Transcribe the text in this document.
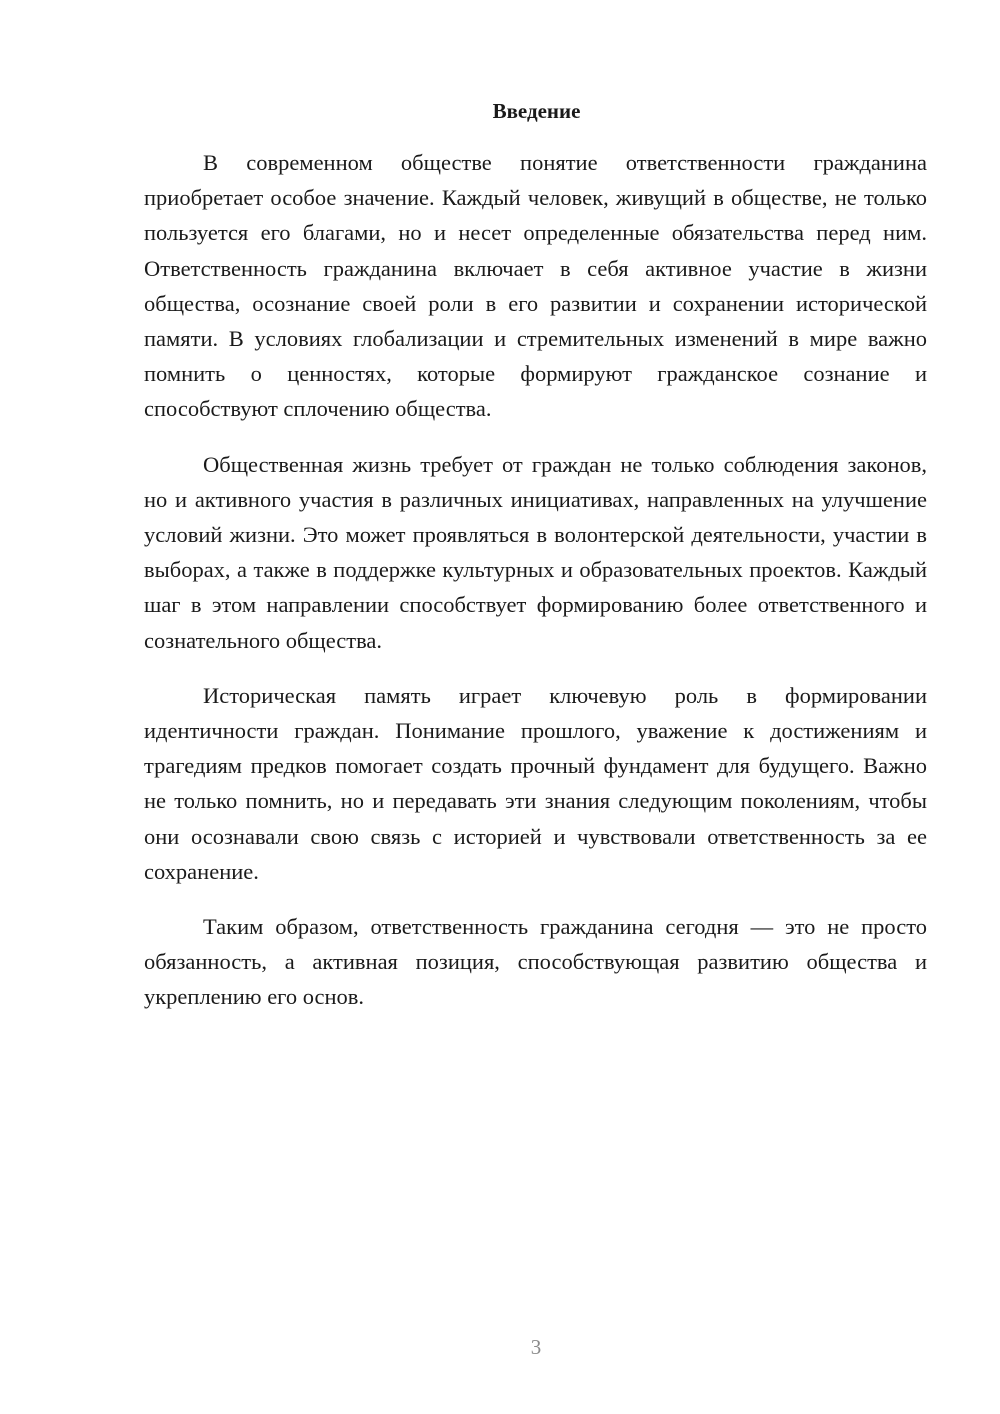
Введение

В современном обществе понятие ответственности гражданина приобретает особое значение. Каждый человек, живущий в обществе, не только пользуется его благами, но и несет определенные обязательства перед ним. Ответственность гражданина включает в себя активное участие в жизни общества, осознание своей роли в его развитии и сохранении исторической памяти. В условиях глобализации и стремительных изменений в мире важно помнить о ценностях, которые формируют гражданское сознание и способствуют сплочению общества.

Общественная жизнь требует от граждан не только соблюдения законов, но и активного участия в различных инициативах, направленных на улучшение условий жизни. Это может проявляться в волонтерской деятельности, участии в выборах, а также в поддержке культурных и образовательных проектов. Каждый шаг в этом направлении способствует формированию более ответственного и сознательного общества.

Историческая память играет ключевую роль в формировании идентичности граждан. Понимание прошлого, уважение к достижениям и трагедиям предков помогает создать прочный фундамент для будущего. Важно не только помнить, но и передавать эти знания следующим поколениям, чтобы они осознавали свою связь с историей и чувствовали ответственность за ее сохранение.

Таким образом, ответственность гражданина сегодня — это не просто обязанность, а активная позиция, способствующая развитию общества и укреплению его основ.

3
